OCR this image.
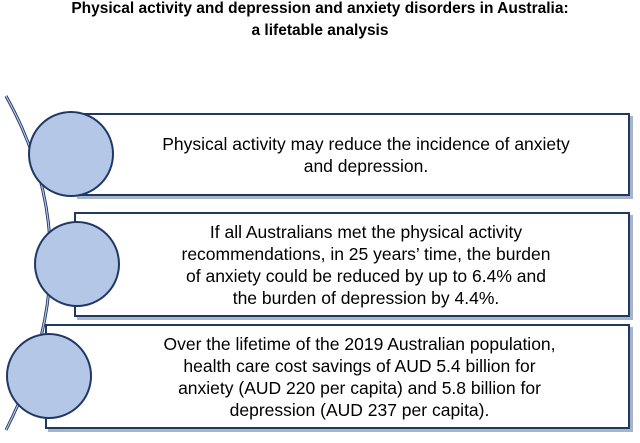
Physical activity and depression and anxiety disorders in Australia:
a lifetable analysis
Physical activity may reduce the incidence of anxiety
and depression.
If all Australians met the physical activity
recommendations, in 25 years’ time, the burden
of anxiety could be reduced by up to 6.4% and
the burden of depression by 4.4%.
Over the lifetime of the 2019 Australian population,
health care cost savings of AUD 5.4 billion for
anxiety (AUD 220 per capita) and 5.8 billion for
depression (AUD 237 per capita).
